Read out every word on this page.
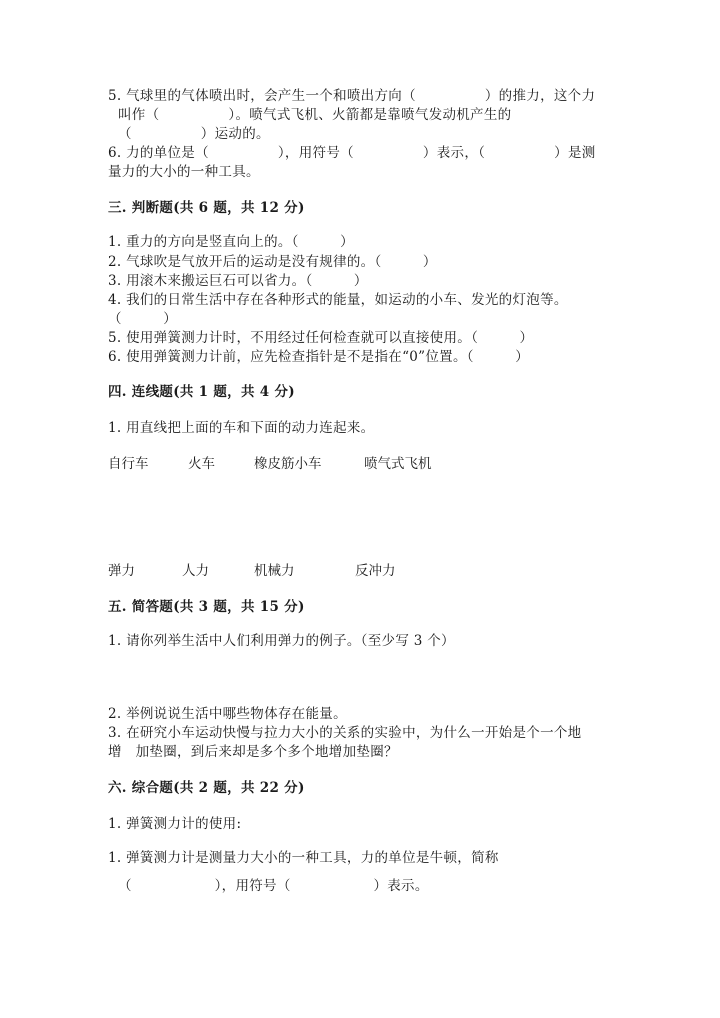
5. 气球里的气体喷出时，会产生一个和喷出方向（　　　　　）的推力，这个力
叫作（　　　　　）。喷气式飞机、火箭都是靠喷气发动机产生的
（　　　　　）运动的。
6. 力的单位是（　　　　　），用符号（　　　　　）表示，（　　　　　）是测
量力的大小的一种工具。
三. 判断题(共 6 题，共 12 分)
1. 重力的方向是竖直向上的。（　　　）
2. 气球吹是气放开后的运动是没有规律的。（　　　）
3. 用滚木来搬运巨石可以省力。（　　　）
4. 我们的日常生活中存在各种形式的能量，如运动的小车、发光的灯泡等。
（　　　）
5. 使用弹簧测力计时，不用经过任何检查就可以直接使用。（　　　）
6. 使用弹簧测力计前，应先检查指针是不是指在“0”位置。（　　　）
四. 连线题(共 1 题，共 4 分)
1. 用直线把上面的车和下面的动力连起来。
自行车	火车	橡皮筋小车	喷气式飞机
弹力	人力	机械力	反冲力
五. 简答题(共 3 题，共 15 分)
1. 请你列举生活中人们利用弹力的例子。（至少写 3 个）
2. 举例说说生活中哪些物体存在能量。
3. 在研究小车运动快慢与拉力大小的关系的实验中，为什么一开始是个一个地
增　加垫圈，到后来却是多个多个地增加垫圈？
六. 综合题(共 2 题，共 22 分)
1. 弹簧测力计的使用:
1. 弹簧测力计是测量力大小的一种工具，力的单位是牛顿，简称
（　　　　　　），用符号（　　　　　　）表示。
